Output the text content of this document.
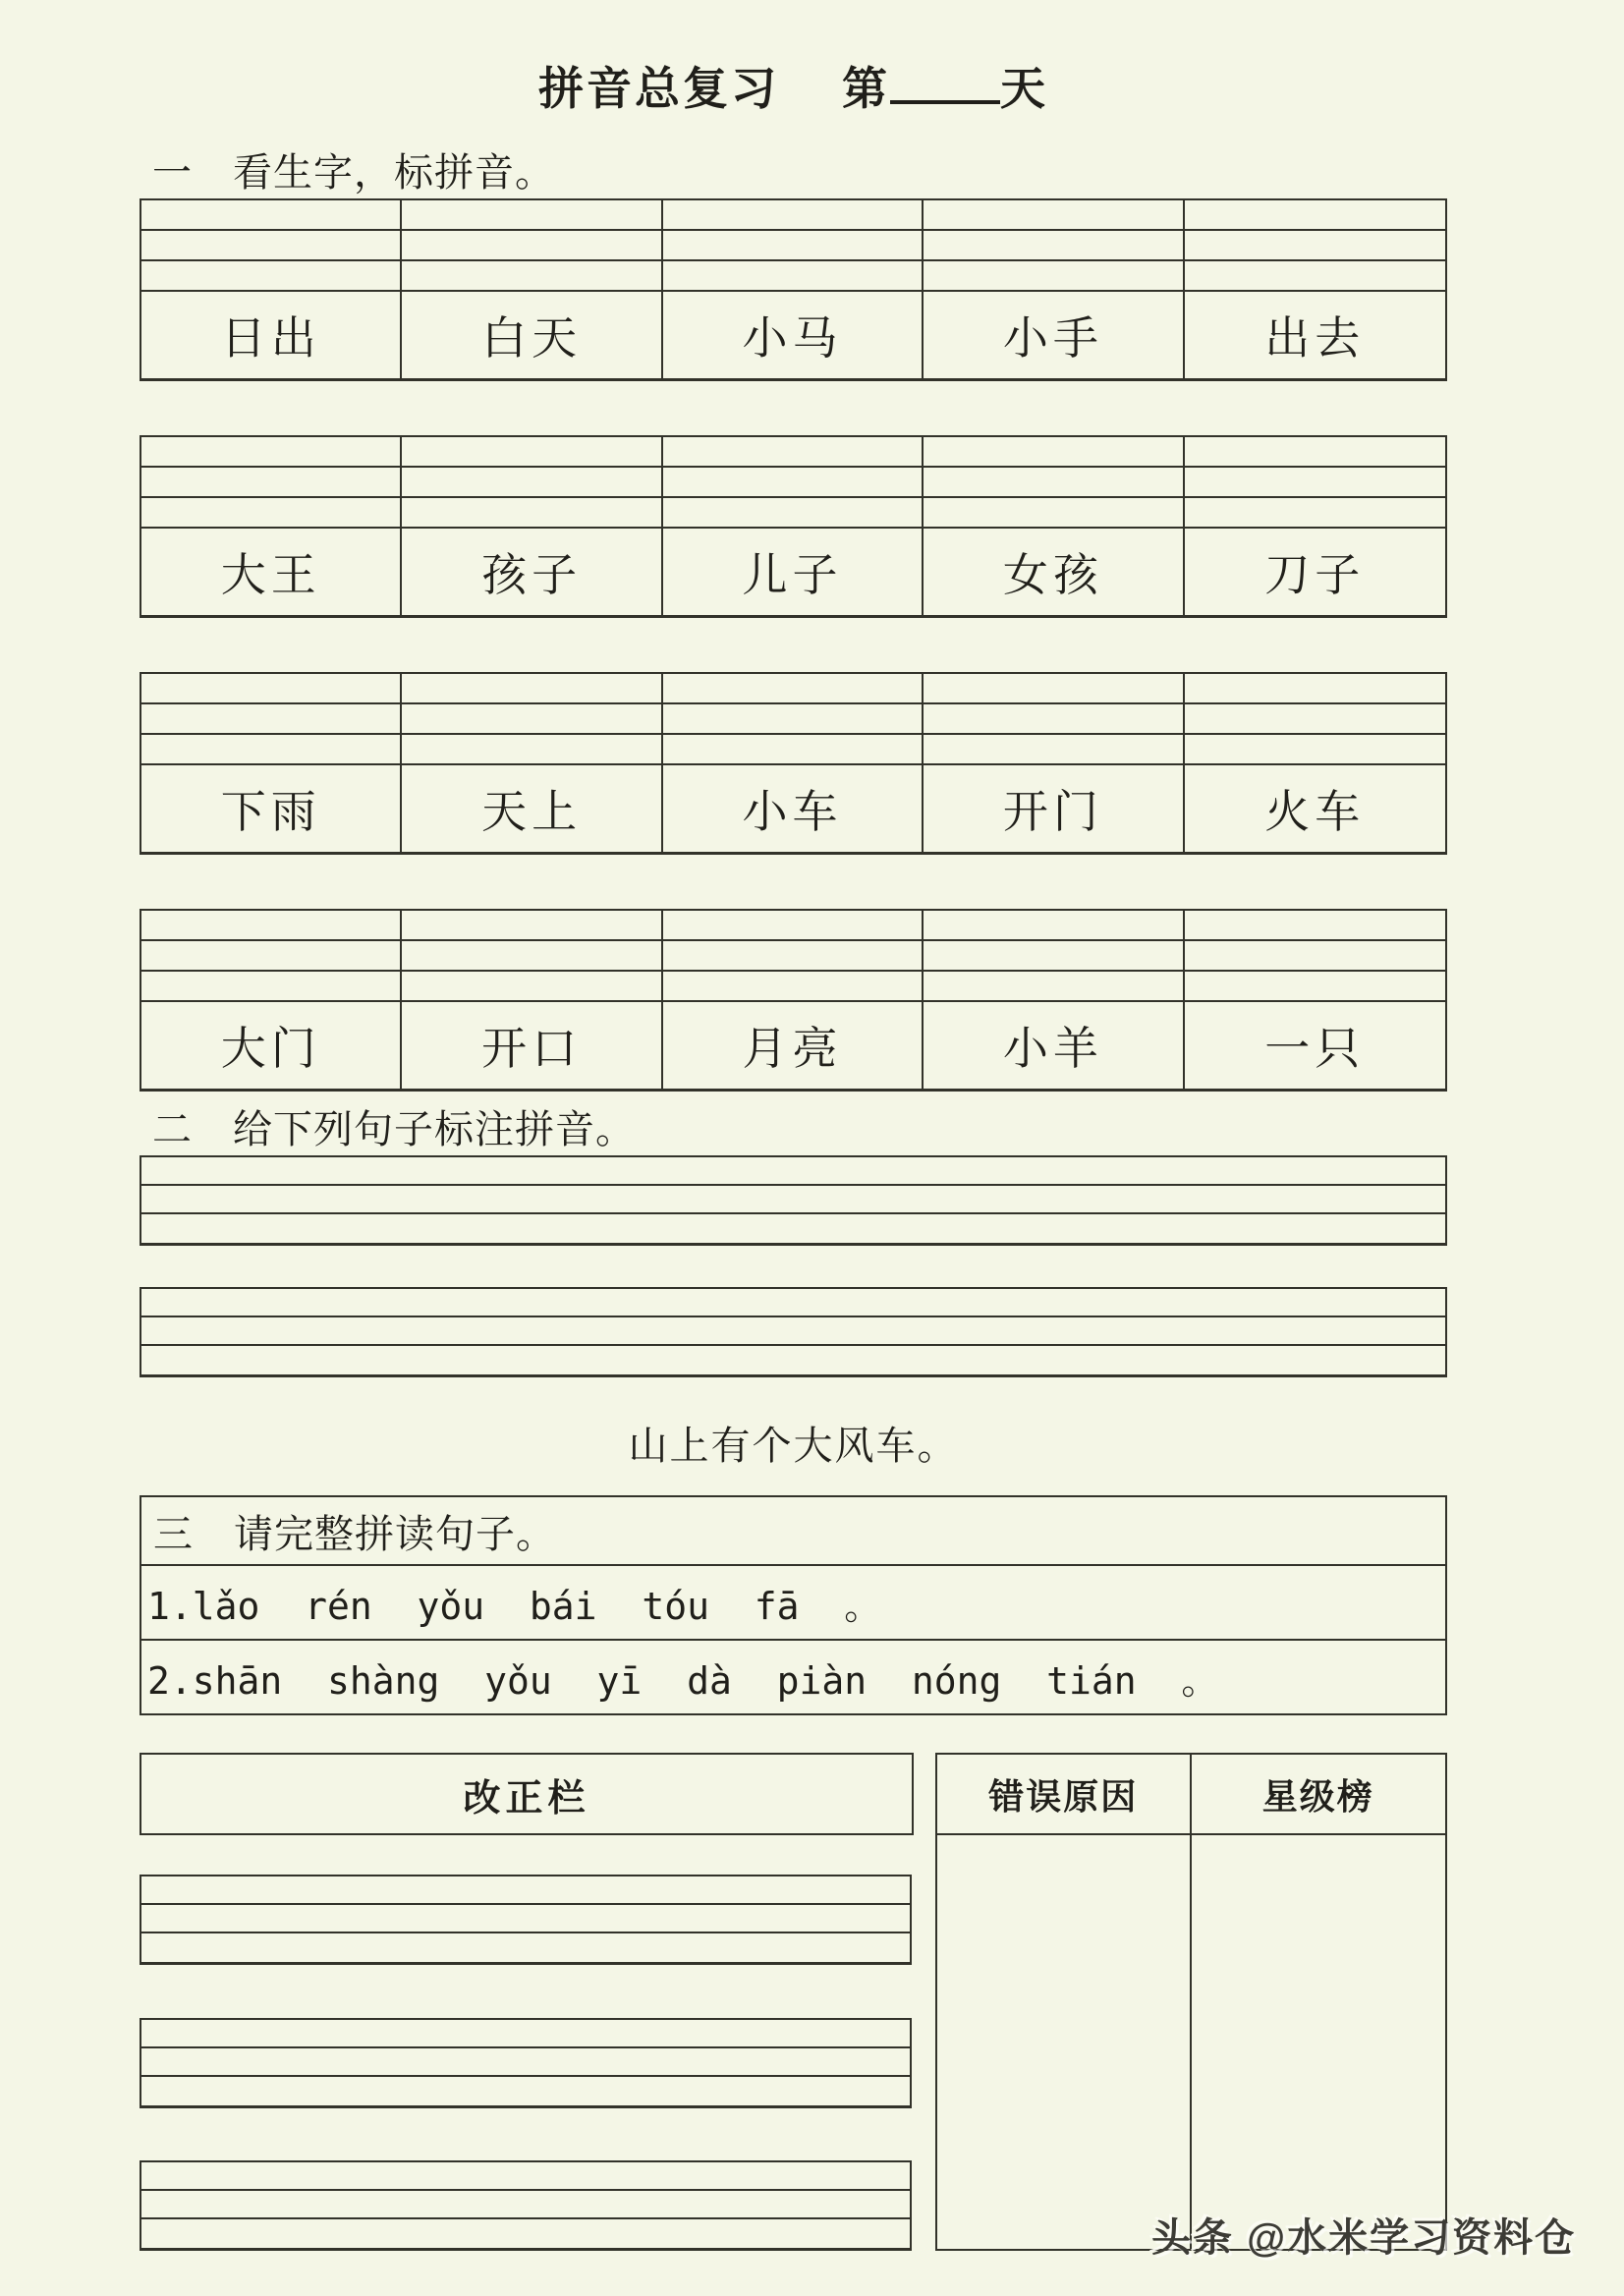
拼音总复习 第 天
一　看生字，标拼音。
日出	白天	小马	小手	出去
大王	孩子	儿子	女孩	刀子
下雨	天上	小车	开门	火车
大门	开口	月亮	小羊	一只
二　给下列句子标注拼音。
山上有个大风车。
三　请完整拼读句子。
1.lǎo  rén  yǒu  bái  tóu  fā  。
2.shān  shàng  yǒu  yī  dà  piàn  nóng  tián  。
改正栏	错误原因	星级榜
头条 @水米学习资料仓
